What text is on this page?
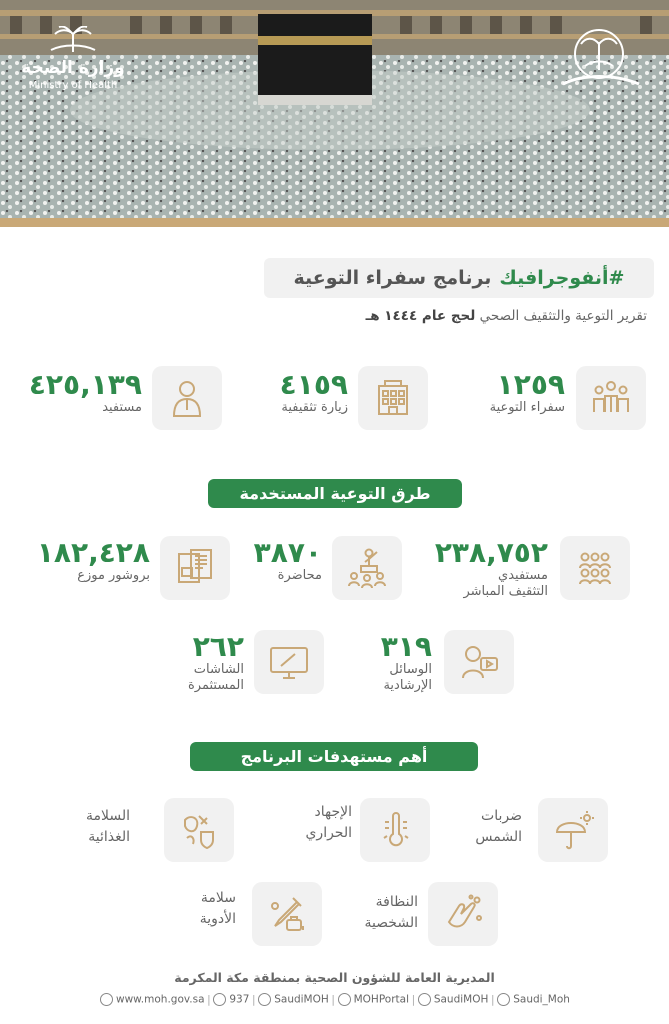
وزارة الصحة
Ministry of Health
#أنفوجرافيك
برنامج سفراء التوعية
تقرير التوعية والتثقيف الصحي لحج عام ١٤٤٤ هـ
١٢٥٩
سفراء التوعية
٤١٥٩
زيارة تثقيفية
٤٢٥,١٣٩
مستفيد
طرق التوعية المستخدمة
٢٣٨,٧٥٢
مستفيدي
التثقيف المباشر
٣٨٧٠
محاضرة
١٨٢,٤٢٨
بروشور موزع
٣١٩
الوسائل
الإرشادية
٢٦٢
الشاشات
المستثمرة
أهم مستهدفات البرنامج
ضربات
الشمس
الإجهاد
الحراري
السلامة
الغذائية
النظافة
الشخصية
سلامة
الأدوية
المديرية العامة للشؤون الصحية بمنطقة مكة المكرمة
www.moh.gov.sa |	937 |	SaudiMOH |	MOHPortal |	SaudiMOH |	Saudi_Moh
